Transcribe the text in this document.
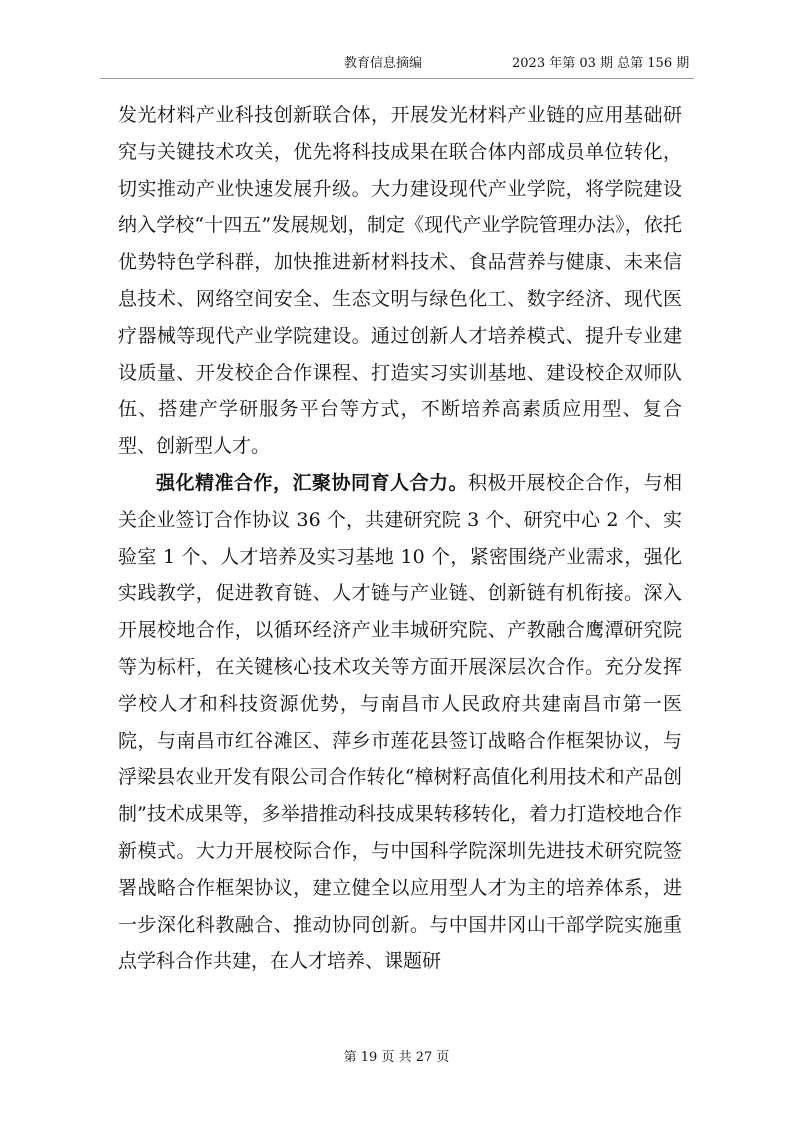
教育信息摘编	2023 年第 03 期 总第 156 期

发光材料产业科技创新联合体，开展发光材料产业链的应用基础研究与关键技术攻关，优先将科技成果在联合体内部成员单位转化，切实推动产业快速发展升级。大力建设现代产业学院，将学院建设纳入学校“十四五”发展规划，制定《现代产业学院管理办法》，依托优势特色学科群，加快推进新材料技术、食品营养与健康、未来信息技术、网络空间安全、生态文明与绿色化工、数字经济、现代医疗器械等现代产业学院建设。通过创新人才培养模式、提升专业建设质量、开发校企合作课程、打造实习实训基地、建设校企双师队伍、搭建产学研服务平台等方式，不断培养高素质应用型、复合型、创新型人才。

强化精准合作，汇聚协同育人合力。积极开展校企合作，与相关企业签订合作协议 36 个，共建研究院 3 个、研究中心 2 个、实验室 1 个、人才培养及实习基地 10 个，紧密围绕产业需求，强化实践教学，促进教育链、人才链与产业链、创新链有机衔接。深入开展校地合作，以循环经济产业丰城研究院、产教融合鹰潭研究院等为标杆，在关键核心技术攻关等方面开展深层次合作。充分发挥学校人才和科技资源优势，与南昌市人民政府共建南昌市第一医院，与南昌市红谷滩区、萍乡市莲花县签订战略合作框架协议，与浮梁县农业开发有限公司合作转化“樟树籽高值化利用技术和产品创制”技术成果等，多举措推动科技成果转移转化，着力打造校地合作新模式。大力开展校际合作，与中国科学院深圳先进技术研究院签署战略合作框架协议，建立健全以应用型人才为主的培养体系，进一步深化科教融合、推动协同创新。与中国井冈山干部学院实施重点学科合作共建，在人才培养、课题研

第 19 页 共 27 页
